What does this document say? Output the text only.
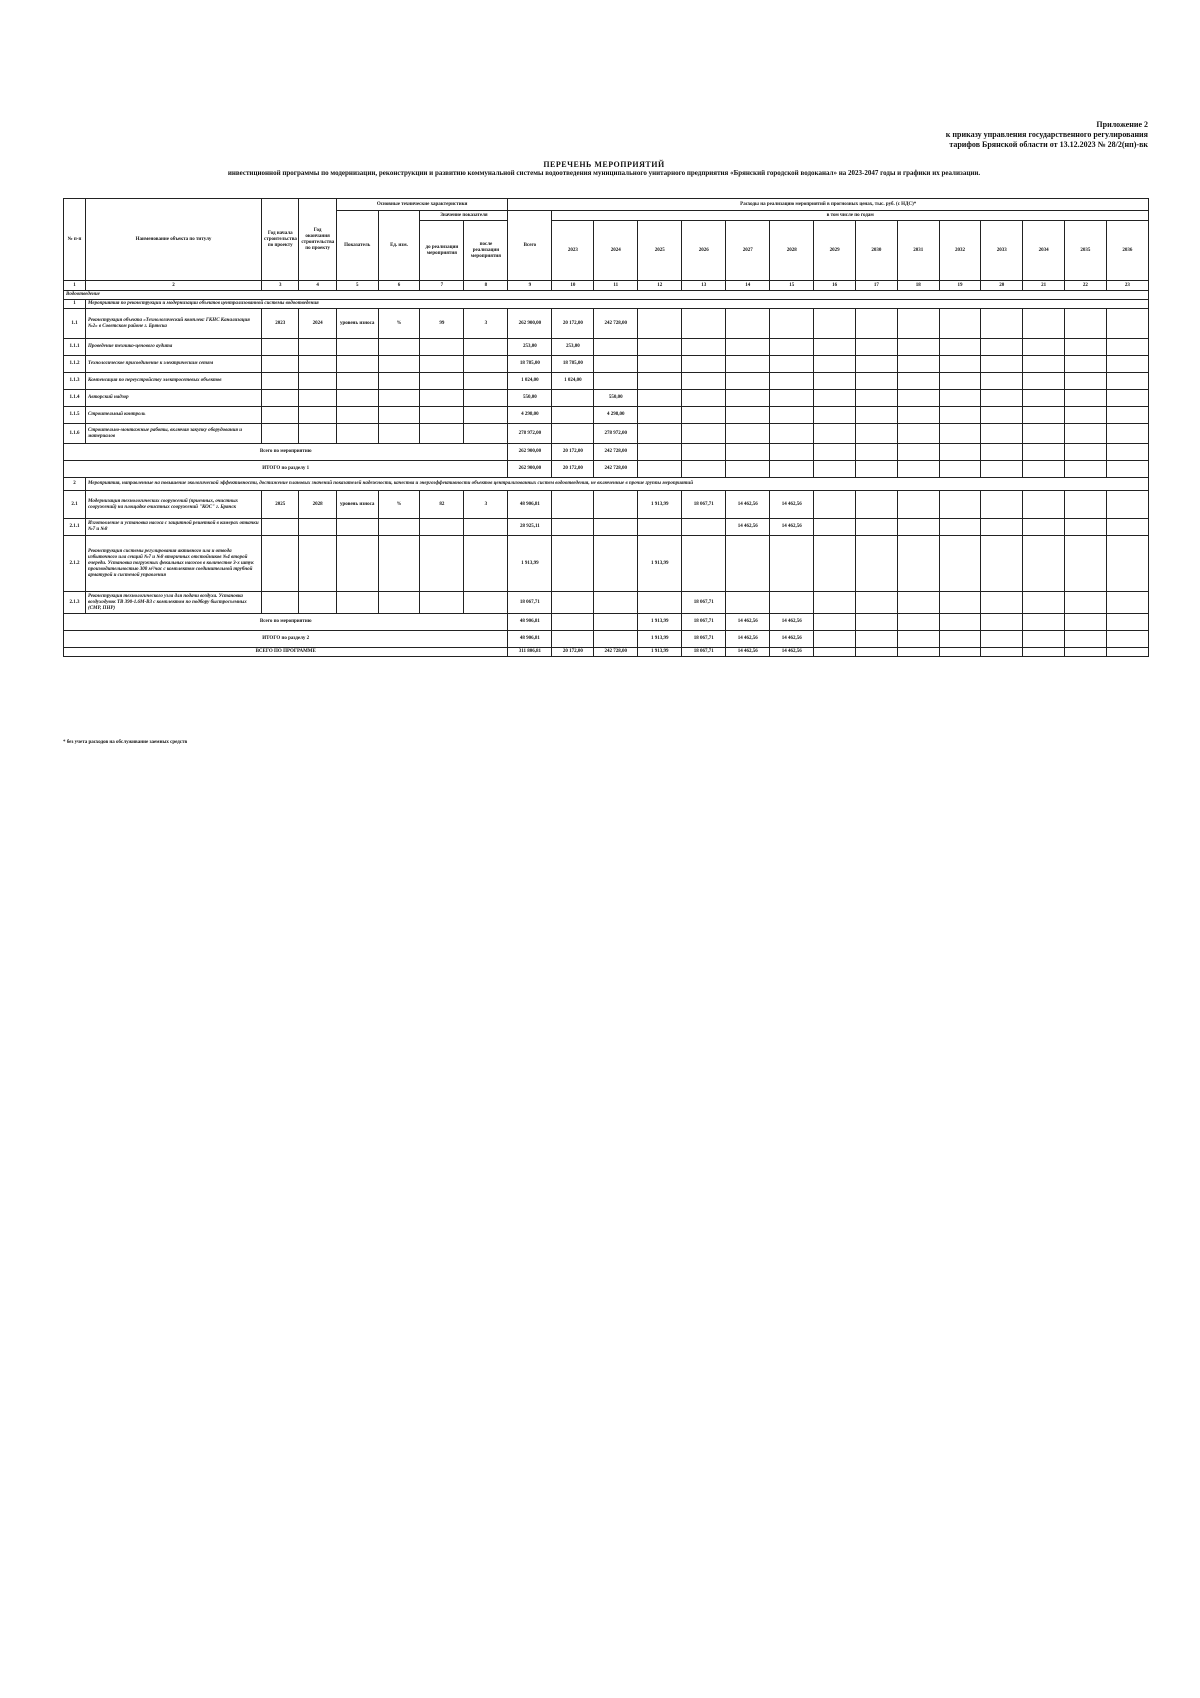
Приложение 2
к приказу управления государственного регулирования
тарифов Брянской области от 13.12.2023 № 28/2(нп)-вк
ПЕРЕЧЕНЬ МЕРОПРИЯТИЙ
инвестиционной программы по модернизации, реконструкции и развитию коммунальной системы водоотведения муниципального унитарного предприятия «Брянский городской водоканал» на 2023-2047 годы и графики их реализации.
№ п-п	Наименование объекта по титулу	Год начала строительства по проекту	Год окончания строительства по проекту	Основные технические характеристики				Расходы на реализацию мероприятий в прогнозных ценах, тыс. руб. (с НДС)*														
				Показатель	Ед. изм.	Значение показателя		Всего	в том числе по годам													
						до реализации мероприятия	после реализации мероприятия		2023	2024	2025	2026	2027	2028	2029	2030	2031	2032	2033	2034	2035	2036
1	2	3	4	5	6	7	8	9	10	11	12	13	14	15	16	17	18	19	20	21	22	23
Водоотведение																						
1	Мероприятия по реконструкции и модернизации объектов централизованной системы водоотведения																					
1.1	Реконструкция объекта «Технологический комплекс ГКНС Канализация №2» в Советском районе г. Брянска	2023	2024	уровень износа	%	99	3	262 900,00	20 172,00	242 728,00												
1.1.1	Проведение технико-ценового аудита							253,00	253,00													
1.1.2	Технологическое присоединение к электрическим сетям							18 785,00	18 785,00													
1.1.3	Компенсация по переустройству электросетевых объектов							1 024,00	1 024,00													
1.1.4	Авторский надзор							550,00		550,00												
1.1.5	Строительный контроль							4 298,00		4 298,00												
1.1.6	Строительно-монтажные работы, включая закупку оборудования и материалов							278 972,00		278 972,00												
Всего по мероприятию								262 900,00	20 172,00	242 728,00												
ИТОГО по разделу 1								262 900,00	20 172,00	242 728,00												
2	Мероприятия, направленные на повышение экологической эффективности, достижение плановых значений показателей надежности, качества и энергоэффективности объектов централизованных систем водоотведения, не включенные в прочие группы мероприятий																					
2.1	Модернизация технологических сооружений (приемных, очистных сооружений) на площадке очистных сооружений "КОС" г. Брянск	2025	2028	уровень износа	%	82	3	48 906,81			1 913,99	18 067,71	14 462,56	14 462,56								
2.1.1	Изготовление и установка насоса с защитной решеткой в камерах откачки №7 и №8							28 925,11					14 462,56	14 462,56								
2.1.2	Реконструкция системы регулирования активного ила и отвода избыточного ила секций №7 и №8 вторичных отстойников №4 второй очереди. Установка погружных фекальных насосов в количестве 3-х штук производительностью 300 м³/час с комплектом соединительной трубной арматурой и системой управления							1 913,99			1 913,99											
2.1.3	Реконструкция технологического узла для подачи воздуха. Установка воздуходувок ТВ 390-1.6М-В3 с комплектом по подбору быстросъемных (СМР, ПНР)							18 067,71				18 067,71										
Всего по мероприятию								48 906,81			1 913,99	18 067,71	14 462,56	14 462,56								
ИТОГО по разделу 2								48 906,81			1 913,99	18 067,71	14 462,56	14 462,56								
ВСЕГО ПО ПРОГРАММЕ								311 806,81	20 172,00	242 728,00	1 913,99	18 067,71	14 462,56	14 462,56								
* без учета расходов на обслуживание заемных средств
